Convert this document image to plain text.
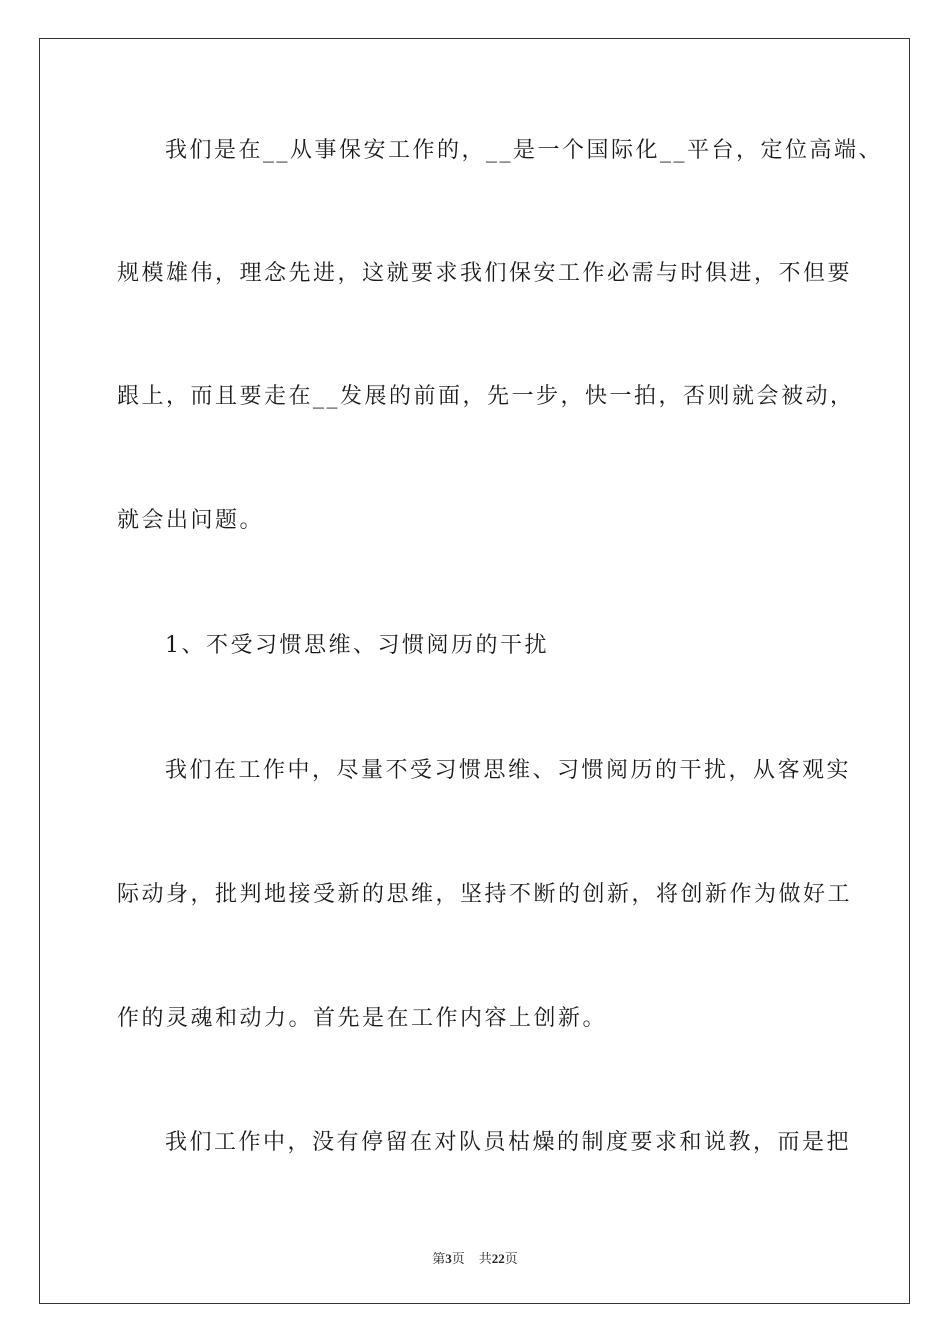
我们是在__从事保安工作的，__是一个国际化__平台，定位高端、
规模雄伟，理念先进，这就要求我们保安工作必需与时俱进，不但要
跟上，而且要走在__发展的前面，先一步，快一拍，否则就会被动，
就会出问题。
1、不受习惯思维、习惯阅历的干扰
我们在工作中，尽量不受习惯思维、习惯阅历的干扰，从客观实
际动身，批判地接受新的思维，坚持不断的创新，将创新作为做好工
作的灵魂和动力。首先是在工作内容上创新。
我们工作中，没有停留在对队员枯燥的制度要求和说教，而是把
第3页 共22页
